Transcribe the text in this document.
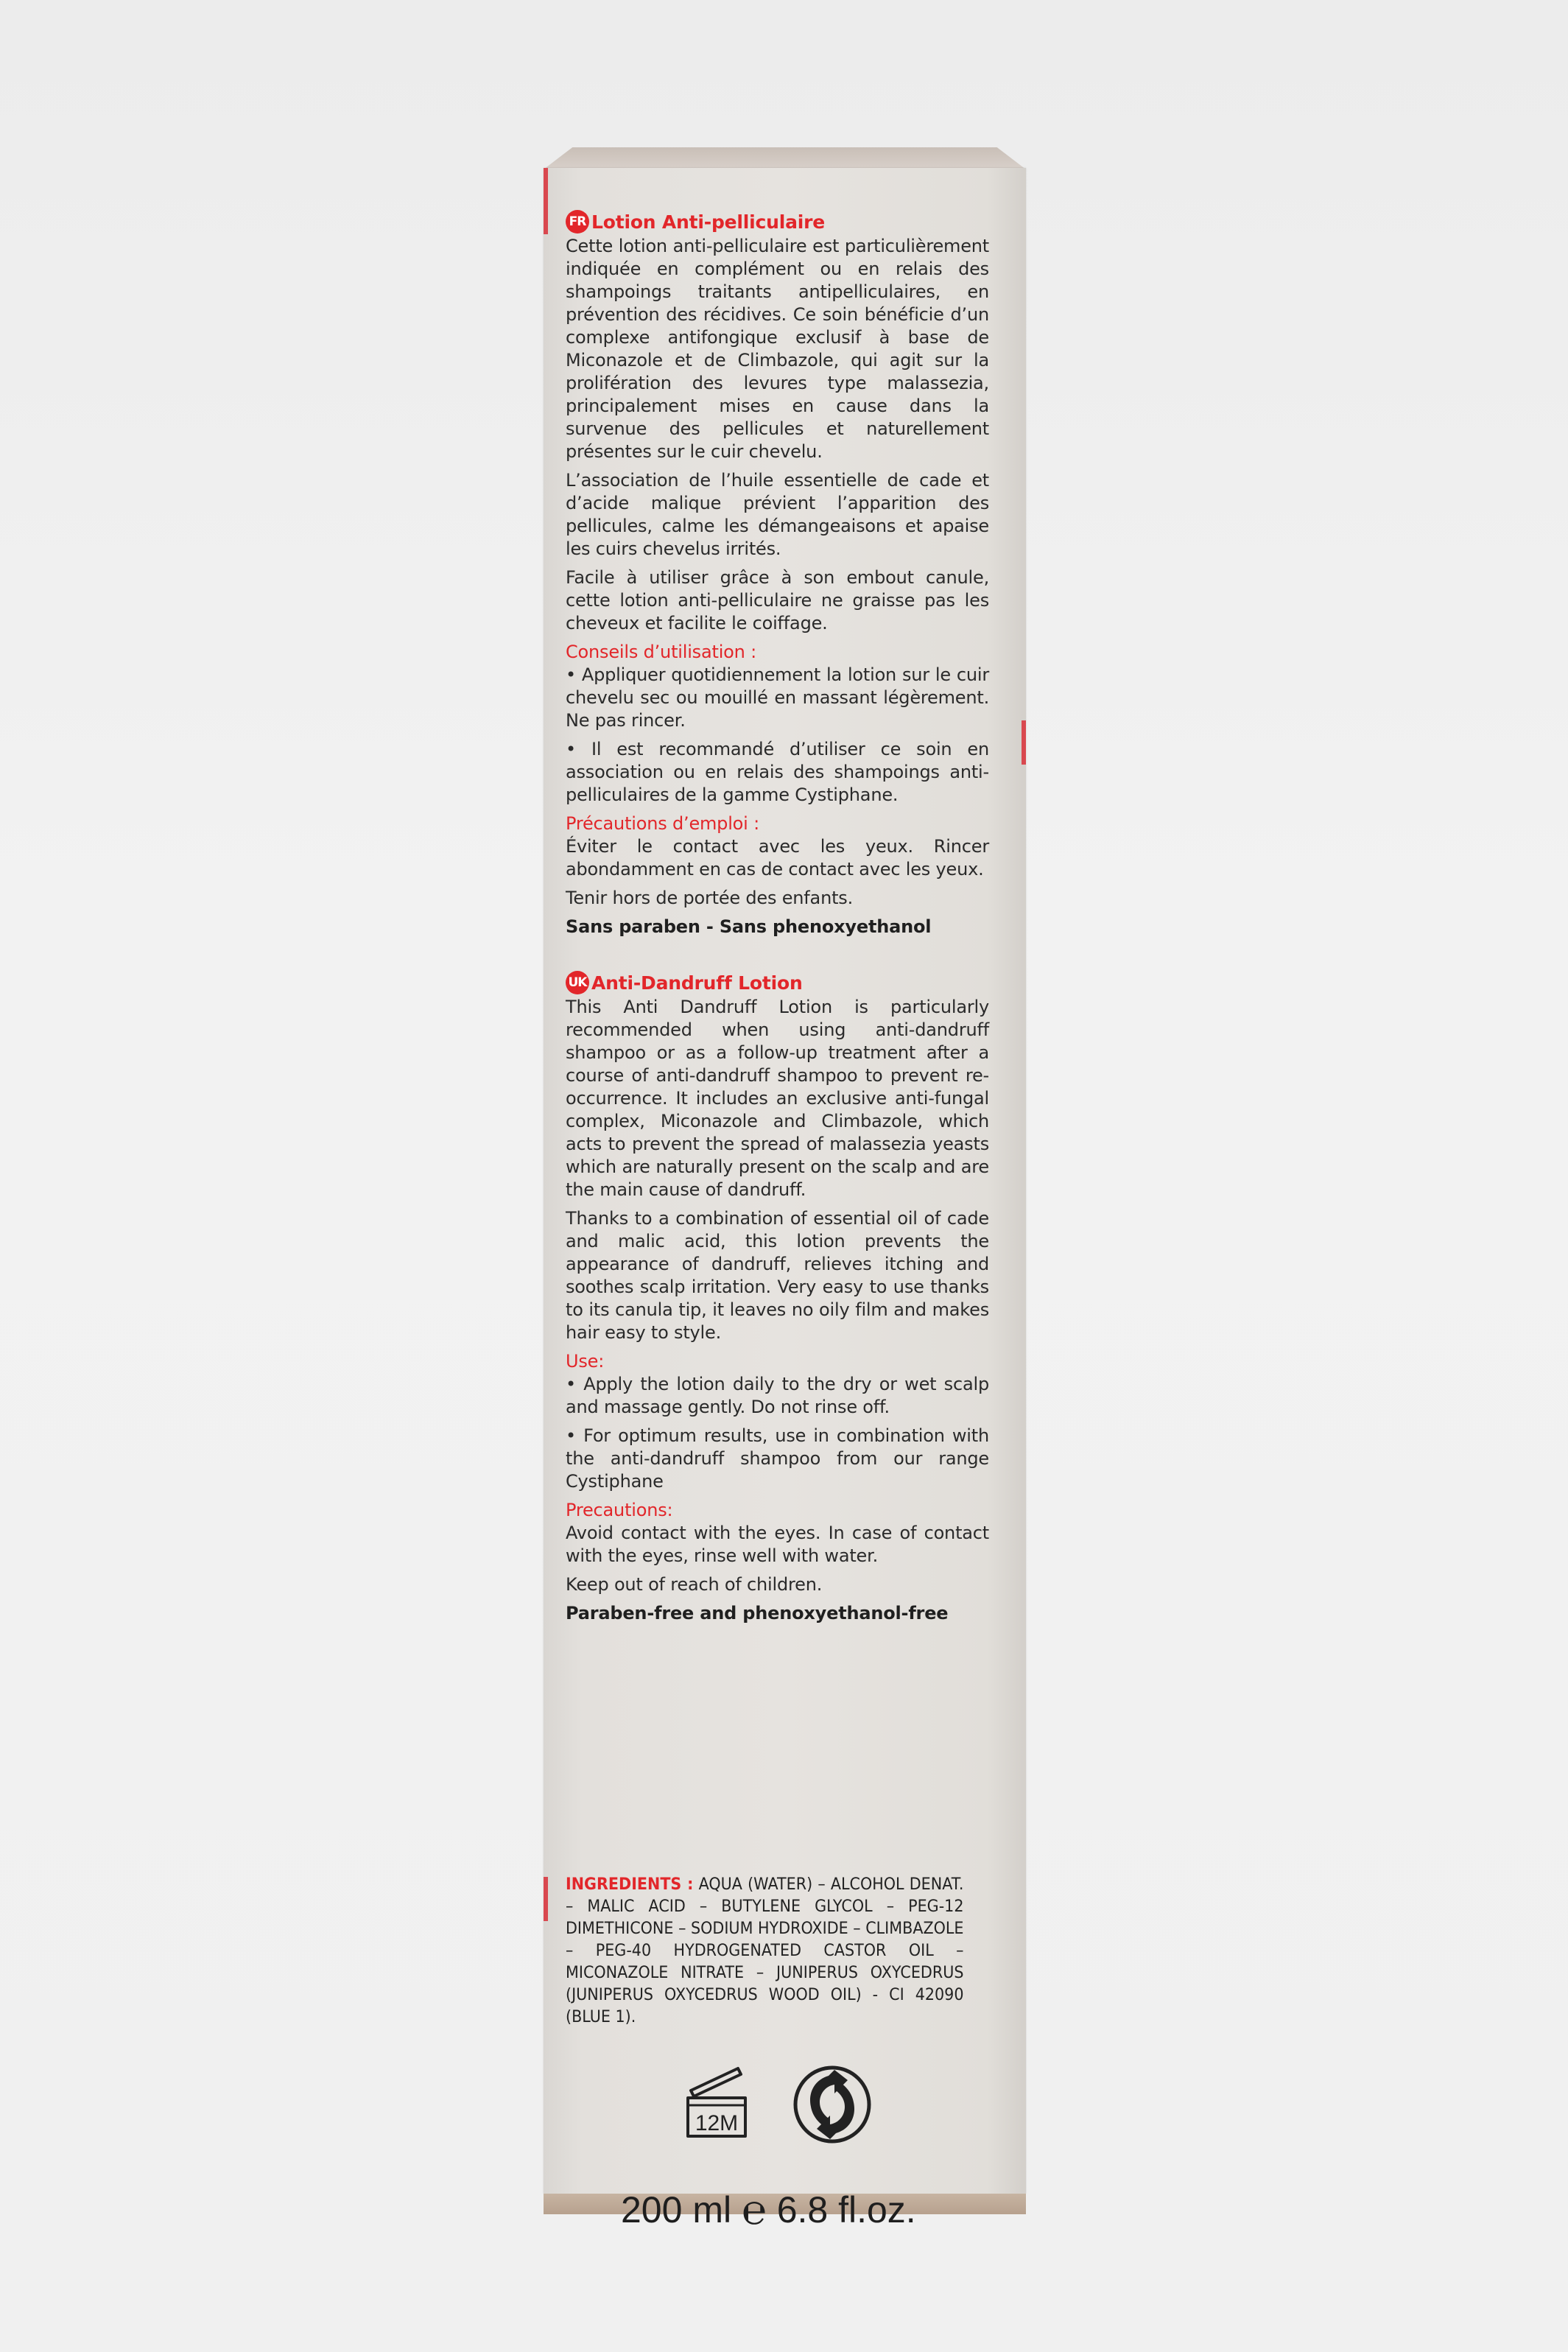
FR Lotion Anti-pelliculaire

Cette lotion anti-pelliculaire est particulièrement indiquée en complément ou en relais des shampoings traitants antipelliculaires, en prévention des récidives. Ce soin bénéficie d’un complexe antifongique exclusif à base de Miconazole et de Climbazole, qui agit sur la prolifération des levures type malassezia, principalement mises en cause dans la survenue des pellicules et naturellement présentes sur le cuir chevelu.

L’association de l’huile essentielle de cade et d’acide malique prévient l’apparition des pellicules, calme les démangeaisons et apaise les cuirs chevelus irrités.

Facile à utiliser grâce à son embout canule, cette lotion anti-pelliculaire ne graisse pas les cheveux et facilite le coiffage.

Conseils d’utilisation :

• Appliquer quotidiennement la lotion sur le cuir chevelu sec ou mouillé en massant légèrement. Ne pas rincer.

• Il est recommandé d’utiliser ce soin en association ou en relais des shampoings anti-pelliculaires de la gamme Cystiphane.

Précautions d’emploi :

Éviter le contact avec les yeux. Rincer abondamment en cas de contact avec les yeux.

Tenir hors de portée des enfants.

Sans paraben - Sans phenoxyethanol

UK Anti-Dandruff Lotion

This Anti Dandruff Lotion is particularly recommended when using anti-dandruff shampoo or as a follow-up treatment after a course of anti-dandruff shampoo to prevent re-occurrence. It includes an exclusive anti-fungal complex, Miconazole and Climbazole, which acts to prevent the spread of malassezia yeasts which are naturally present on the scalp and are the main cause of dandruff.

Thanks to a combination of essential oil of cade and malic acid, this lotion prevents the appearance of dandruff, relieves itching and soothes scalp irritation. Very easy to use thanks to its canula tip, it leaves no oily film and makes hair easy to style.

Use:

• Apply the lotion daily to the dry or wet scalp and massage gently. Do not rinse off.

• For optimum results, use in combination with the anti-dandruff shampoo from our range Cystiphane

Precautions:

Avoid contact with the eyes. In case of contact with the eyes, rinse well with water.

Keep out of reach of children.

Paraben-free and phenoxyethanol-free

INGREDIENTS : AQUA (WATER) – ALCOHOL DENAT. – MALIC ACID – BUTYLENE GLYCOL – PEG-12 DIMETHICONE – SODIUM HYDROXIDE – CLIMBAZOLE – PEG-40 HYDROGENATED CASTOR OIL – MICONAZOLE NITRATE – JUNIPERUS OXYCEDRUS (JUNIPERUS OXYCEDRUS WOOD OIL) - CI 42090 (BLUE 1).
12M
200 ml ℮ 6.8 fl.oz.
